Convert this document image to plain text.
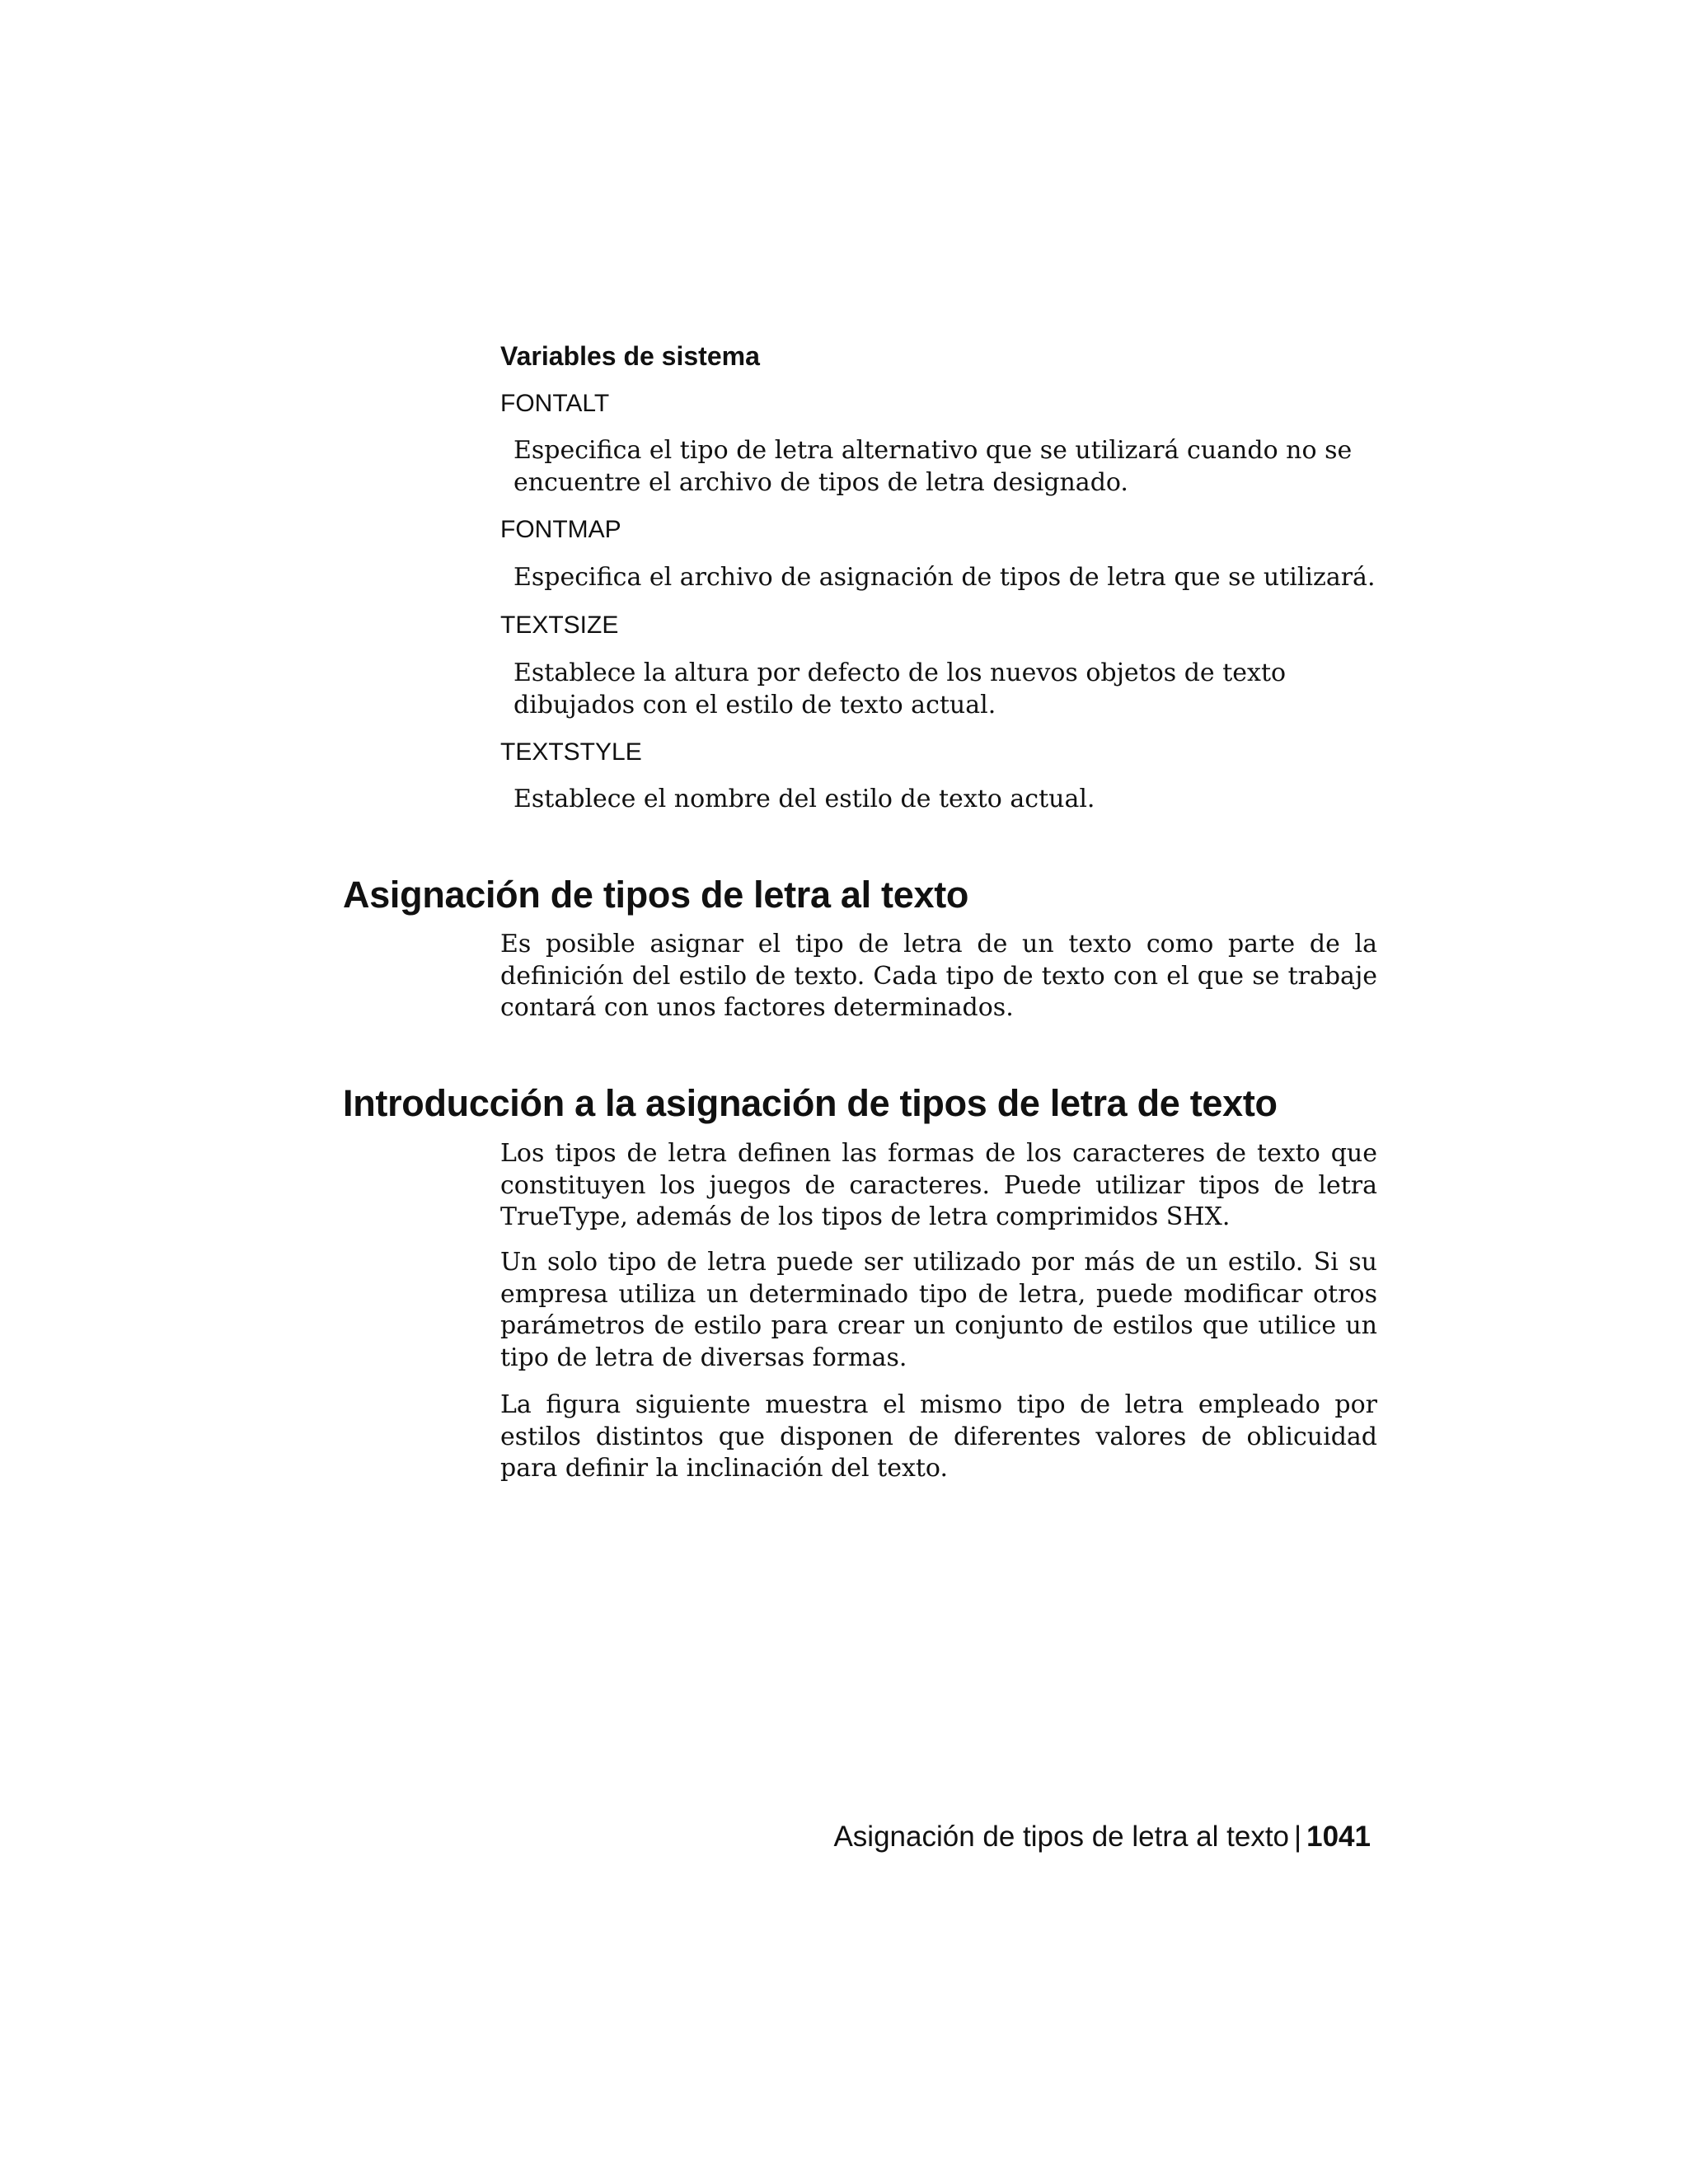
Variables de sistema
FONTALT

Especifica el tipo de letra alternativo que se utilizará cuando no se encuentre el archivo de tipos de letra designado.

FONTMAP

Especifica el archivo de asignación de tipos de letra que se utilizará.

TEXTSIZE

Establece la altura por defecto de los nuevos objetos de texto dibujados con el estilo de texto actual.

TEXTSTYLE

Establece el nombre del estilo de texto actual.

Asignación de tipos de letra al texto

Es posible asignar el tipo de letra de un texto como parte de la definición del estilo de texto. Cada tipo de texto con el que se trabaje contará con unos factores determinados.

Introducción a la asignación de tipos de letra de texto

Los tipos de letra definen las formas de los caracteres de texto que constituyen los juegos de caracteres. Puede utilizar tipos de letra TrueType, además de los tipos de letra comprimidos SHX.

Un solo tipo de letra puede ser utilizado por más de un estilo. Si su empresa utiliza un determinado tipo de letra, puede modificar otros parámetros de estilo para crear un conjunto de estilos que utilice un tipo de letra de diversas formas.

La figura siguiente muestra el mismo tipo de letra empleado por estilos distintos que disponen de diferentes valores de oblicuidad para definir la inclinación del texto.

Asignación de tipos de letra al texto | 1041
